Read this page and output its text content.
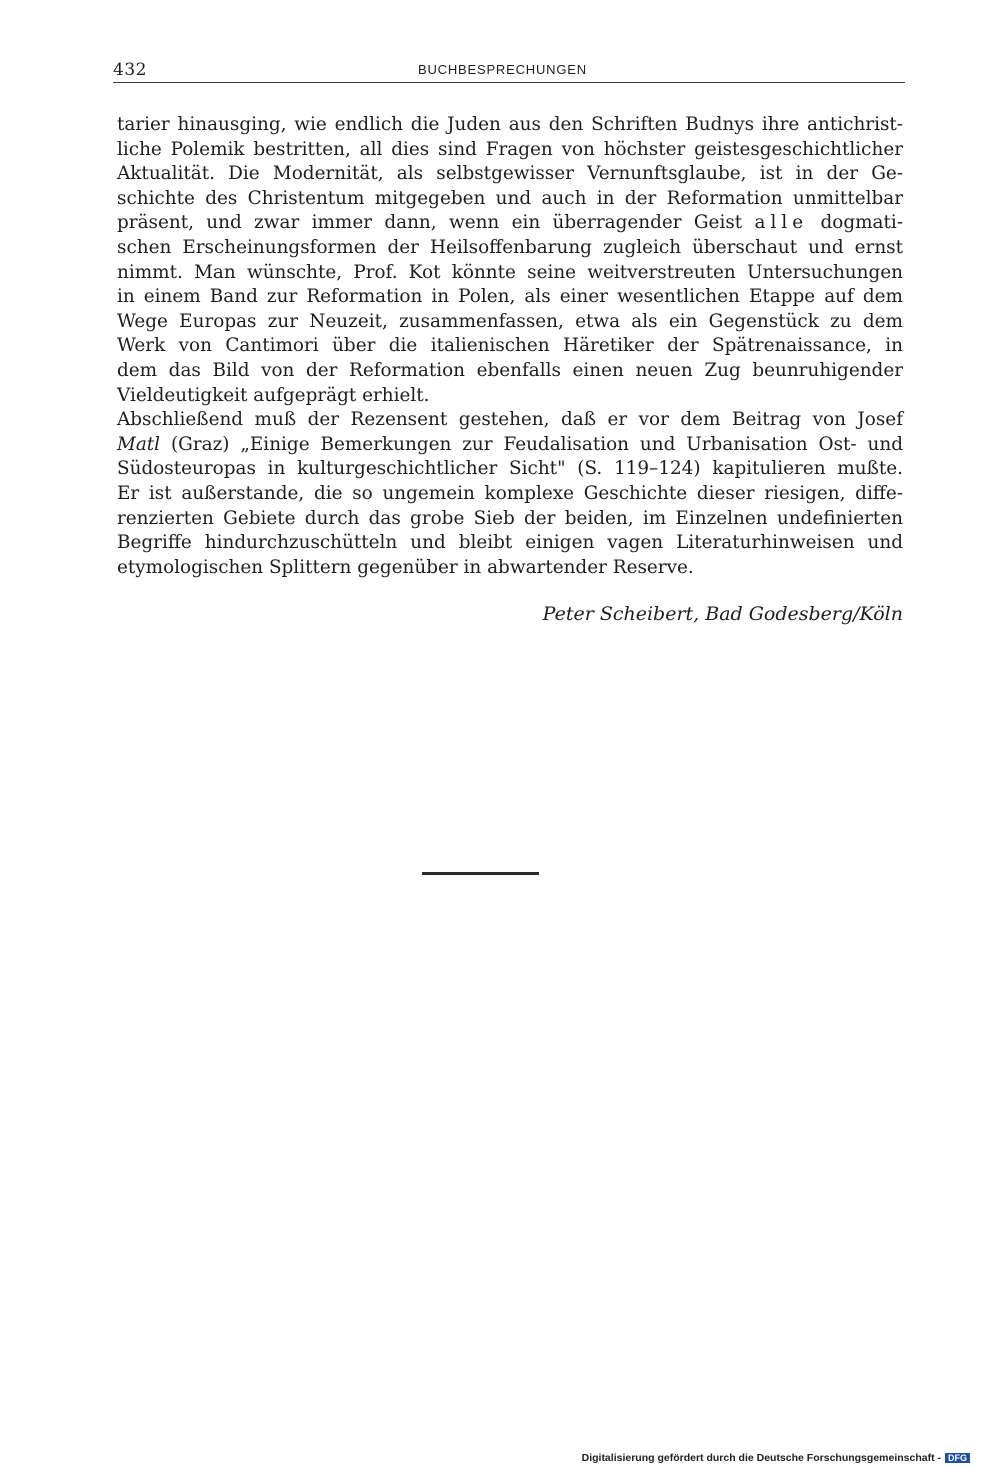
432	BUCHBESPRECHUNGEN
tarier hinausging, wie endlich die Juden aus den Schriften Budnys ihre antichrist-
liche Polemik bestritten, all dies sind Fragen von höchster geistesgeschichtlicher
Aktualität. Die Modernität, als selbstgewisser Vernunftsglaube, ist in der Ge-
schichte des Christentum mitgegeben und auch in der Reformation unmittelbar
präsent, und zwar immer dann, wenn ein überragender Geist alle dogmati-
schen Erscheinungsformen der Heilsoffenbarung zugleich überschaut und ernst
nimmt. Man wünschte, Prof. Kot könnte seine weitverstreuten Untersuchungen
in einem Band zur Reformation in Polen, als einer wesentlichen Etappe auf dem
Wege Europas zur Neuzeit, zusammenfassen, etwa als ein Gegenstück zu dem
Werk von Cantimori über die italienischen Häretiker der Spätrenaissance, in
dem das Bild von der Reformation ebenfalls einen neuen Zug beunruhigender
Vieldeutigkeit aufgeprägt erhielt.
Abschließend muß der Rezensent gestehen, daß er vor dem Beitrag von Josef
Matl (Graz) „Einige Bemerkungen zur Feudalisation und Urbanisation Ost- und
Südosteuropas in kulturgeschichtlicher Sicht" (S. 119–124) kapitulieren mußte.
Er ist außerstande, die so ungemein komplexe Geschichte dieser riesigen, diffe-
renzierten Gebiete durch das grobe Sieb der beiden, im Einzelnen undefinierten
Begriffe hindurchzuschütteln und bleibt einigen vagen Literaturhinweisen und
etymologischen Splittern gegenüber in abwartender Reserve.
Peter Scheibert, Bad Godesberg/Köln
Digitalisierung gefördert durch die Deutsche Forschungsgemeinschaft - DFG
